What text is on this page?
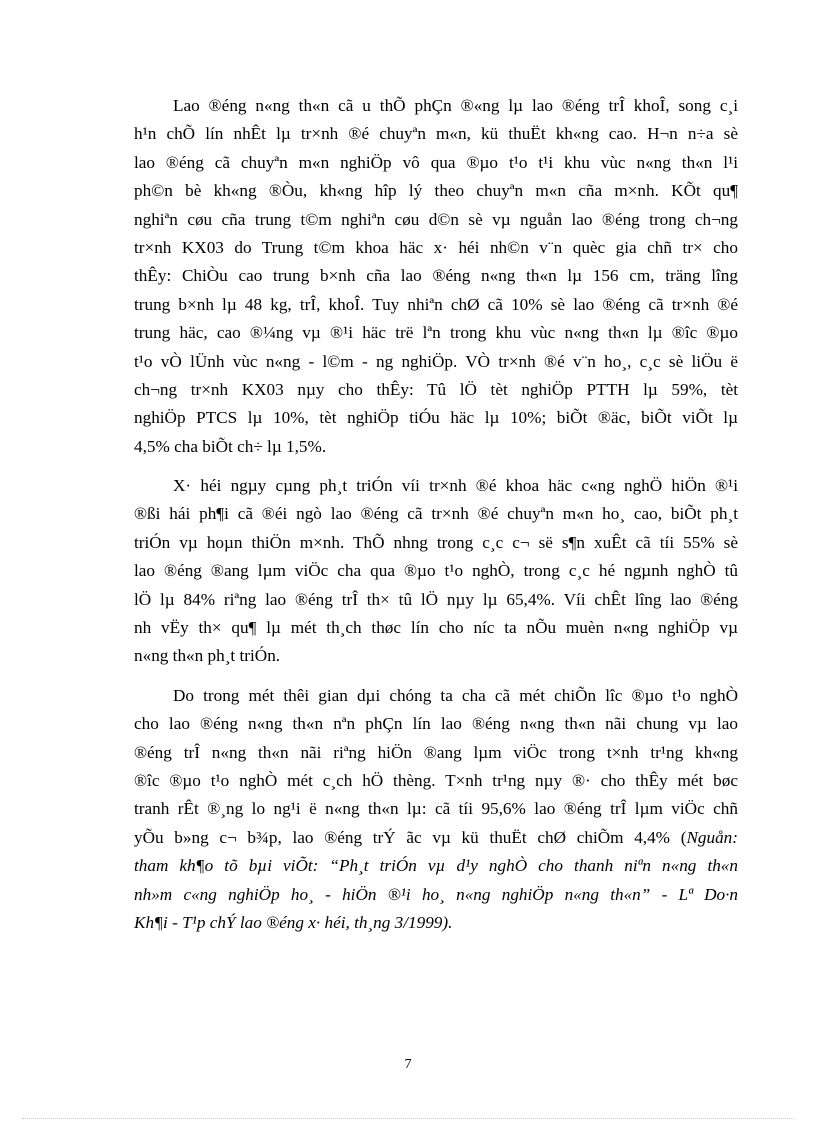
Lao ®éng n«ng th«n cã u thÕ phÇn ®«ng lµ lao ®éng trÎ khoÎ, song c¸i
h¹n chÕ lín nhÊt lµ tr×nh ®é chuyªn m«n, kü thuËt kh«ng cao. H¬n n÷a sè
lao ®éng cã chuyªn m«n nghiÖp vô qua ®µo t¹o t¹i khu vùc n«ng th«n l¹i
ph©n bè kh«ng ®Òu, kh«ng hîp lý theo chuyªn m«n cña m×nh. KÕt qu¶
nghiªn cøu cña trung t©m nghiªn cøu d©n sè vµ nguån lao ®éng trong ch¬ng
tr×nh KX03 do Trung t©m khoa häc x· héi nh©n v¨n quèc gia chñ tr× cho
thÊy: ChiÒu cao trung b×nh cña lao ®éng n«ng th«n lµ 156 cm, träng lîng
trung b×nh lµ 48 kg, trÎ, khoÎ. Tuy nhiªn chØ cã 10% sè lao ®éng cã tr×nh ®é
trung häc, cao ®¼ng vµ ®¹i häc trë lªn trong khu vùc n«ng th«n lµ ®îc ®µo
t¹o vÒ lÜnh vùc n«ng - l©m - ng nghiÖp. VÒ tr×nh ®é v¨n ho¸, c¸c sè liÖu ë
ch¬ng tr×nh KX03 nµy cho thÊy: Tû lÖ tèt nghiÖp PTTH lµ 59%, tèt
nghiÖp PTCS lµ 10%, tèt nghiÖp tiÓu häc lµ 10%; biÕt ®äc, biÕt viÕt lµ
4,5% cha biÕt ch÷ lµ 1,5%.
X· héi ngµy cµng ph¸t triÓn víi tr×nh ®é khoa häc c«ng nghÖ hiÖn ®¹i
®ßi hái ph¶i cã ®éi ngò lao ®éng cã tr×nh ®é chuyªn m«n ho¸ cao, biÕt ph¸t
triÓn vµ hoµn thiÖn m×nh. ThÕ nhng trong c¸c c¬ së s¶n xuÊt cã tíi 55% sè
lao ®éng ®ang lµm viÖc cha qua ®µo t¹o nghÒ, trong c¸c hé ngµnh nghÒ tû
lÖ lµ 84% riªng lao ®éng trÎ th× tû lÖ nµy lµ 65,4%. Víi chÊt lîng lao ®éng
nh vËy th× qu¶ lµ mét th¸ch thøc lín cho níc ta nÕu muèn n«ng nghiÖp vµ
n«ng th«n ph¸t triÓn.
Do trong mét thêi gian dµi chóng ta cha cã mét chiÕn lîc ®µo t¹o nghÒ
cho lao ®éng n«ng th«n nªn phÇn lín lao ®éng n«ng th«n nãi chung vµ lao
®éng trÎ n«ng th«n nãi riªng hiÖn ®ang lµm viÖc trong t×nh tr¹ng kh«ng
®îc ®µo t¹o nghÒ mét c¸ch hÖ thèng. T×nh tr¹ng nµy ®· cho thÊy mét bøc
tranh rÊt ®¸ng lo ng¹i ë n«ng th«n lµ: cã tíi 95,6% lao ®éng trÎ lµm viÖc chñ
yÕu b»ng c¬ b¾p, lao ®éng trÝ ãc vµ kü thuËt chØ chiÕm 4,4% (Nguån:
tham kh¶o tõ bµi viÕt: “Ph¸t triÓn vµ d¹y nghÒ cho thanh niªn n«ng th«n
nh»m c«ng nghiÖp ho¸ - hiÖn ®¹i ho¸ n«ng nghiÖp n«ng th«n” - Lª Do·n
Kh¶i - T¹p chÝ lao ®éng x· héi, th¸ng 3/1999).
7
